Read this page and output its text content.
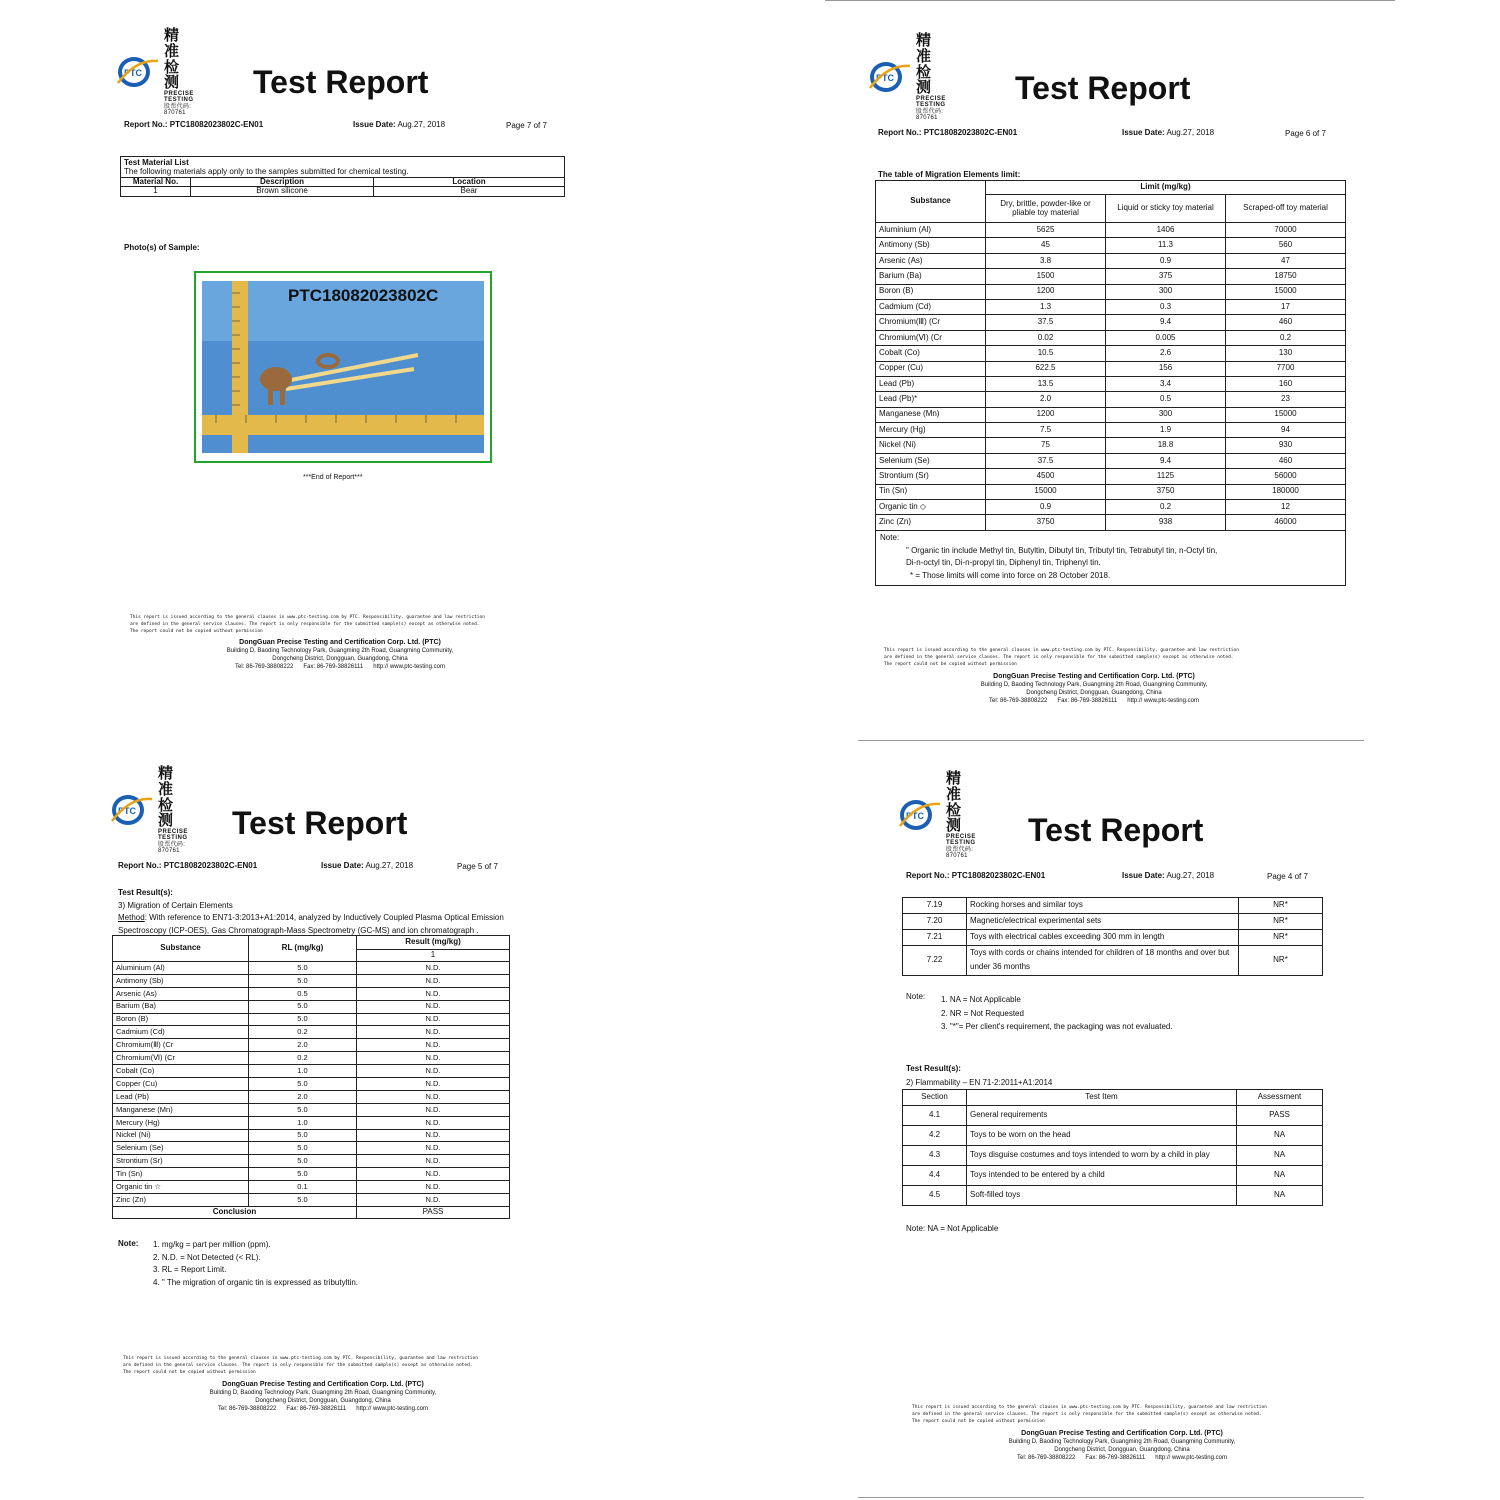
PTC
精准检测
PRECISE TESTING
股票代码: 870761
Test Report
Report No.: PTC18082023802C-EN01	Issue Date: Aug.27, 2018	Page 7 of 7
Test Material List		
The following materials apply only to the samples submitted for chemical testing.		
Material No.	Description	Location
1	Brown silicone	Bear
Photo(s) of Sample:
PTC18082023802C
***End of Report***
This report is issued according to the general clauses in www.ptc-testing.com by PTC. Responsibility, guarantee and law restriction
are defined in the general service clauses. The report is only responsible for the submitted sample(s) except as otherwise noted.
The report could not be copied without permission
DongGuan Precise Testing and Certification Corp. Ltd. (PTC)
Building D, Baoding Technology Park, Guangming 2th Road, Guangming Community,
Dongcheng District, Dongguan, Guangdong, China
Tel: 86-769-38808222 Fax: 86-769-38826111 http:// www.ptc-testing.com
PTC
精准检测
PRECISE TESTING
股票代码: 870761
Test Report
Report No.: PTC18082023802C-EN01	Issue Date: Aug.27, 2018	Page 6 of 7
The table of Migration Elements limit:
Substance	Limit (mg/kg)		
	Dry, brittle, powder-like or pliable toy material	Liquid or sticky toy material	Scraped-off toy material
Aluminium (Al)	5625	1406	70000
Antimony (Sb)	45	11.3	560
Arsenic (As)	3.8	0.9	47
Barium (Ba)	1500	375	18750
Boron (B)	1200	300	15000
Cadmium (Cd)	1.3	0.3	17
Chromium(Ⅲ) (Cr	37.5	9.4	460
Chromium(Ⅵ) (Cr	0.02	0.005	0.2
Cobalt (Co)	10.5	2.6	130
Copper (Cu)	622.5	156	7700
Lead (Pb)	13.5	3.4	160
Lead (Pb)*	2.0	0.5	23
Manganese (Mn)	1200	300	15000
Mercury (Hg)	7.5	1.9	94
Nickel (Ni)	75	18.8	930
Selenium (Se)	37.5	9.4	460
Strontium (Sr)	4500	1125	56000
Tin (Sn)	15000	3750	180000
Organic tin ◇	0.9	0.2	12
Zinc (Zn)	3750	938	46000

Note:
" Organic tin include Methyl tin, Butyltin, Dibutyl tin, Tributyl tin, Tetrabutyl tin, n-Octyl tin,
Di-n-octyl tin, Di-n-propyl tin, Diphenyl tin, Triphenyl tin.
* = Those limits will come into force on 28 October 2018.			
This report is issued according to the general clauses in www.ptc-testing.com by PTC. Responsibility, guarantee and law restriction
are defined in the general service clauses. The report is only responsible for the submitted sample(s) except as otherwise noted.
The report could not be copied without permission
DongGuan Precise Testing and Certification Corp. Ltd. (PTC)
Building D, Baoding Technology Park, Guangming 2th Road, Guangming Community,
Dongcheng District, Dongguan, Guangdong, China
Tel: 86-769-38808222 Fax: 86-769-38826111 http:// www.ptc-testing.com
PTC
精准检测
PRECISE TESTING
股票代码: 870761
Test Report
Report No.: PTC18082023802C-EN01	Issue Date: Aug.27, 2018	Page 5 of 7
Test Result(s):
3) Migration of Certain Elements
Method: With reference to EN71-3:2013+A1:2014, analyzed by Inductively Coupled Plasma Optical Emission
Spectroscopy (ICP-OES), Gas Chromatograph-Mass Spectrometry (GC-MS) and ion chromatograph .
Substance	RL (mg/kg)	Result (mg/kg)
		1
Aluminium (Al)	5.0	N.D.
Antimony (Sb)	5.0	N.D.
Arsenic (As)	0.5	N.D.
Barium (Ba)	5.0	N.D.
Boron (B)	5.0	N.D.
Cadmium (Cd)	0.2	N.D.
Chromium(Ⅲ) (Cr	2.0	N.D.
Chromium(Ⅵ) (Cr	0.2	N.D.
Cobalt (Co)	1.0	N.D.
Copper (Cu)	5.0	N.D.
Lead (Pb)	2.0	N.D.
Manganese (Mn)	5.0	N.D.
Mercury (Hg)	1.0	N.D.
Nickel (Ni)	5.0	N.D.
Selenium (Se)	5.0	N.D.
Strontium (Sr)	5.0	N.D.
Tin (Sn)	5.0	N.D.
Organic tin ☆	0.1	N.D.
Zinc (Zn)	5.0	N.D.
Conclusion		PASS
Note: 1. mg/kg = part per million (ppm).
2. N.D. = Not Detected (< RL).
3. RL = Report Limit.
4. " The migration of organic tin is expressed as tributyltin.
This report is issued according to the general clauses in www.ptc-testing.com by PTC. Responsibility, guarantee and law restriction
are defined in the general service clauses. The report is only responsible for the submitted sample(s) except as otherwise noted.
The report could not be copied without permission
DongGuan Precise Testing and Certification Corp. Ltd. (PTC)
Building D, Baoding Technology Park, Guangming 2th Road, Guangming Community,
Dongcheng District, Dongguan, Guangdong, China
Tel: 86-769-38808222 Fax: 86-769-38826111 http:// www.ptc-testing.com
PTC
精准检测
PRECISE TESTING
股票代码: 870761
Test Report
Report No.: PTC18082023802C-EN01	Issue Date: Aug.27, 2018	Page 4 of 7
7.19	Rocking horses and similar toys	NR*
7.20	Magnetic/electrical experimental sets	NR*
7.21	Toys with electrical cables exceeding 300 mm in length	NR*
7.22	Toys with cords or chains intended for children of 18 months and over but under 36 months	NR*
Note: 1. NA = Not Applicable
2. NR = Not Requested
3. "*"= Per client's requirement, the packaging was not evaluated.
Test Result(s):
2) Flammability – EN 71-2:2011+A1:2014
Section	Test Item	Assessment
4.1	General requirements	PASS
4.2	Toys to be worn on the head	NA
4.3	Toys disguise costumes and toys intended to worn by a child in play	NA
4.4	Toys intended to be entered by a child	NA
4.5	Soft-filled toys	NA
Note: NA = Not Applicable
This report is issued according to the general clauses in www.ptc-testing.com by PTC. Responsibility, guarantee and law restriction
are defined in the general service clauses. The report is only responsible for the submitted sample(s) except as otherwise noted.
The report could not be copied without permission
DongGuan Precise Testing and Certification Corp. Ltd. (PTC)
Building D, Baoding Technology Park, Guangming 2th Road, Guangming Community,
Dongcheng District, Dongguan, Guangdong, China
Tel: 86-769-38808222 Fax: 86-769-38826111 http:// www.ptc-testing.com
